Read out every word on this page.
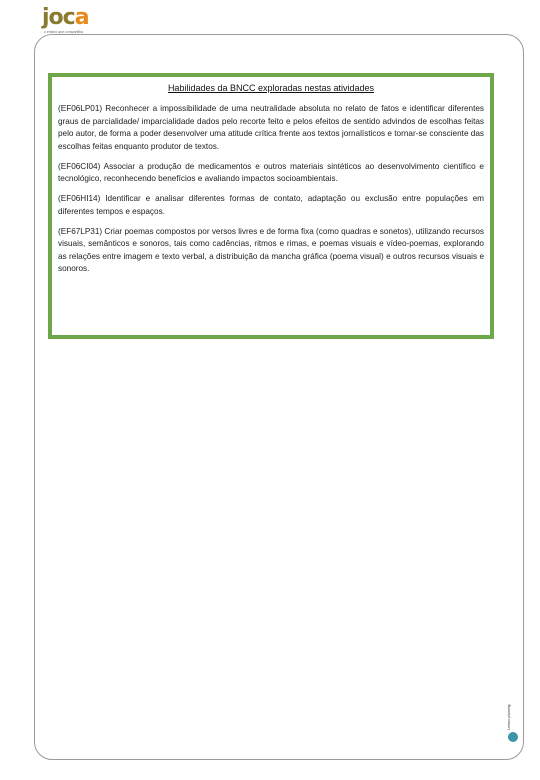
joca
o ensino que compartilha
Habilidades da BNCC exploradas nestas atividades

(EF06LP01) Reconhecer a impossibilidade de uma neutralidade absoluta no relato de fatos e identificar diferentes graus de parcialidade/ imparcialidade dados pelo recorte feito e pelos efeitos de sentido advindos de escolhas feitas pelo autor, de forma a poder desenvolver uma atitude crítica frente aos textos jornalísticos e tornar-se consciente das escolhas feitas enquanto produtor de textos.

(EF06CI04) Associar a produção de medicamentos e outros materiais sintéticos ao desenvolvimento científico e tecnológico, reconhecendo benefícios e avaliando impactos socioambientais.

(EF06HI14) Identificar e analisar diferentes formas de contato, adaptação ou exclusão entre populações em diferentes tempos e espaços.

(EF67LP31) Criar poemas compostos por versos livres e de forma fixa (como quadras e sonetos), utilizando recursos visuais, semânticos e sonoros, tais como cadências, ritmos e rimas, e poemas visuais e vídeo-poemas, explorando as relações entre imagem e texto verbal, a distribuição da mancha gráfica (poema visual) e outros recursos visuais e sonoros.

Lesson planning
